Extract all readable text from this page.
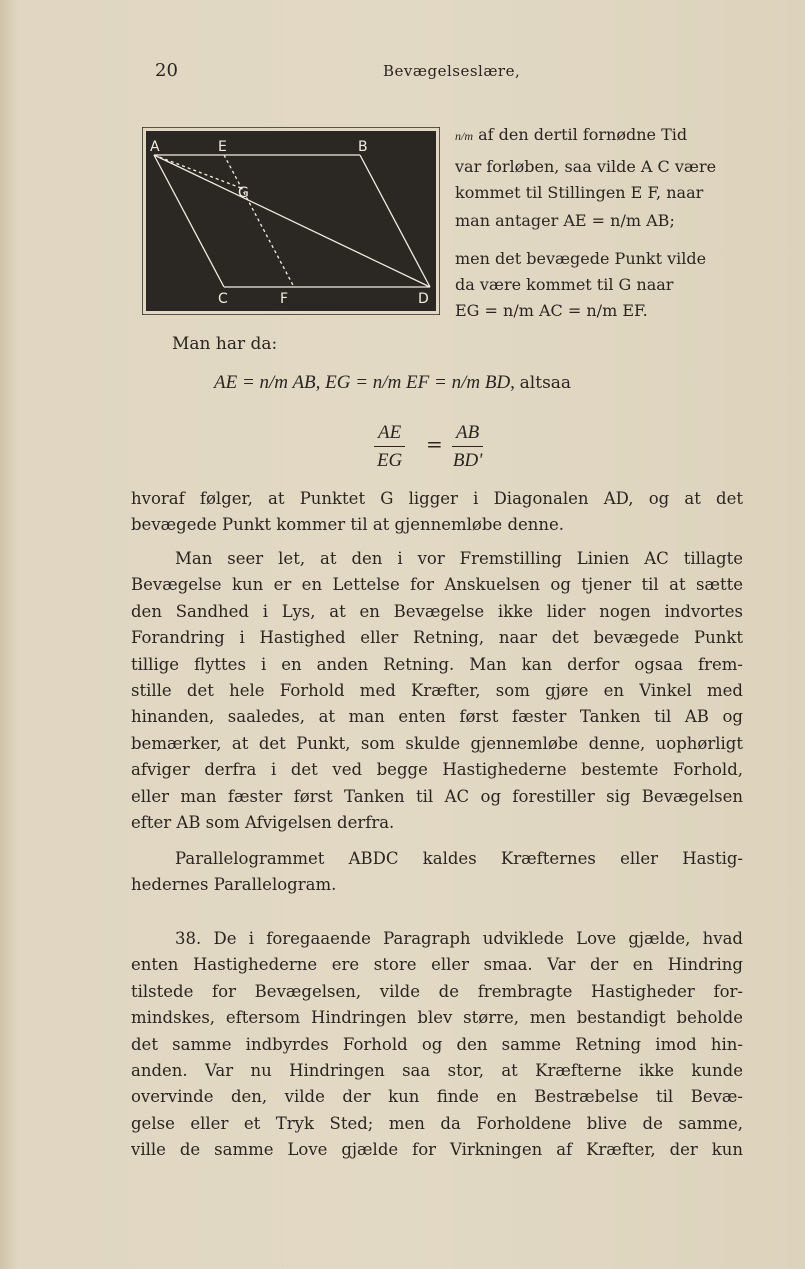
20	Bevægelseslære,
A	E	B
G
C	F	D
n/m af den dertil fornødne Tid
var forløben, saa vilde A C være
kommet til Stillingen E F, naar
man antager AE = n/m AB;
men det bevægede Punkt vilde
da være kommet til G naar
EG = n/m AC = n/m EF.
Man har da:
AE = n/m AB, EG = n/m EF = n/m BD, altsaa
$\frac{AE}{EG} = \frac{AB}{BD'}$
hvoraf følger, at Punktet G ligger i Diagonalen AD, og at det
bevægede Punkt kommer til at gjennemløbe denne.
Man seer let, at den i vor Fremstilling Linien AC tillagte
Bevægelse kun er en Lettelse for Anskuelsen og tjener til at sætte
den Sandhed i Lys, at en Bevægelse ikke lider nogen indvortes
Forandring i Hastighed eller Retning, naar det bevægede Punkt
tillige flyttes i en anden Retning. Man kan derfor ogsaa frem-
stille det hele Forhold med Kræfter, som gjøre en Vinkel med
hinanden, saaledes, at man enten først fæster Tanken til AB og
bemærker, at det Punkt, som skulde gjennemløbe denne, uophørligt
afviger derfra i det ved begge Hastighederne bestemte Forhold,
eller man fæster først Tanken til AC og forestiller sig Bevægelsen
efter AB som Afvigelsen derfra.
Parallelogrammet ABDC kaldes Kræfternes eller Hastig-
hedernes Parallelogram.
38. De i foregaaende Paragraph udviklede Love gjælde, hvad
enten Hastighederne ere store eller smaa. Var der en Hindring
tilstede for Bevægelsen, vilde de frembragte Hastigheder for-
mindskes, eftersom Hindringen blev større, men bestandigt beholde
det samme indbyrdes Forhold og den samme Retning imod hin-
anden. Var nu Hindringen saa stor, at Kræfterne ikke kunde
overvinde den, vilde der kun finde en Bestræbelse til Bevæ-
gelse eller et Tryk Sted; men da Forholdene blive de samme,
ville de samme Love gjælde for Virkningen af Kræfter, der kun
